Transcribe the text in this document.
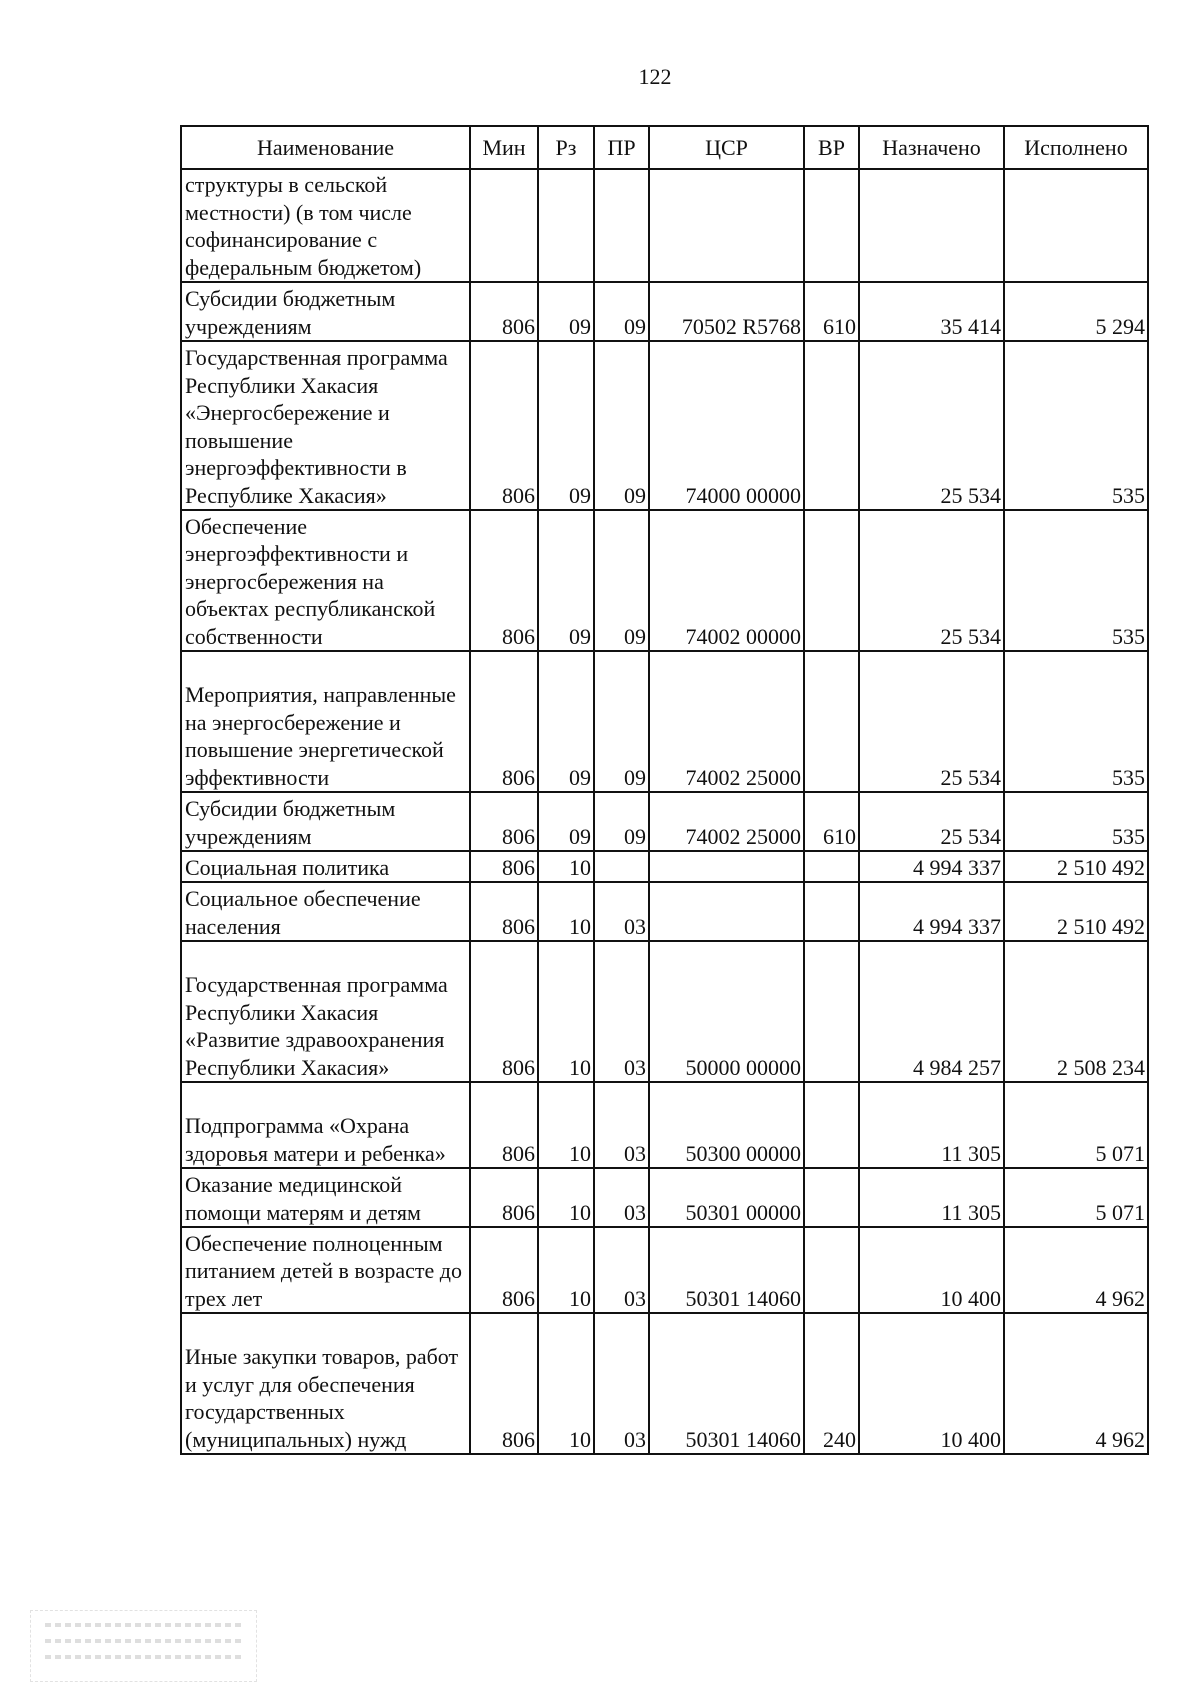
122
Наименование	Мин	Рз	ПР	ЦСР	ВР	Назначено	Исполнено
структуры в сельской местности) (в том числе софинансирование с федеральным бюджетом)							
Субсидии бюджетным учреждениям	806	09	09	70502 R5768	610	35 414	5 294
Государственная программа Республики Хакасия «Энергосбережение и повышение энергоэффективности в Республике Хакасия»	806	09	09	74000 00000		25 534	535
Обеспечение энергоэффективности и энергосбережения на объектах республиканской собственности	806	09	09	74002 00000		25 534	535
Мероприятия, направленные на энергосбережение и повышение энергетической эффективности	806	09	09	74002 25000		25 534	535
Субсидии бюджетным учреждениям	806	09	09	74002 25000	610	25 534	535
Социальная политика	806	10				4 994 337	2 510 492
Социальное обеспечение населения	806	10	03			4 994 337	2 510 492
Государственная программа Республики Хакасия «Развитие здравоохранения Республики Хакасия»	806	10	03	50000 00000		4 984 257	2 508 234
Подпрограмма «Охрана здоровья матери и ребенка»	806	10	03	50300 00000		11 305	5 071
Оказание медицинской помощи матерям и детям	806	10	03	50301 00000		11 305	5 071
Обеспечение полноценным питанием детей в возрасте до трех лет	806	10	03	50301 14060		10 400	4 962
Иные закупки товаров, работ и услуг для обеспечения государственных (муниципальных) нужд	806	10	03	50301 14060	240	10 400	4 962
